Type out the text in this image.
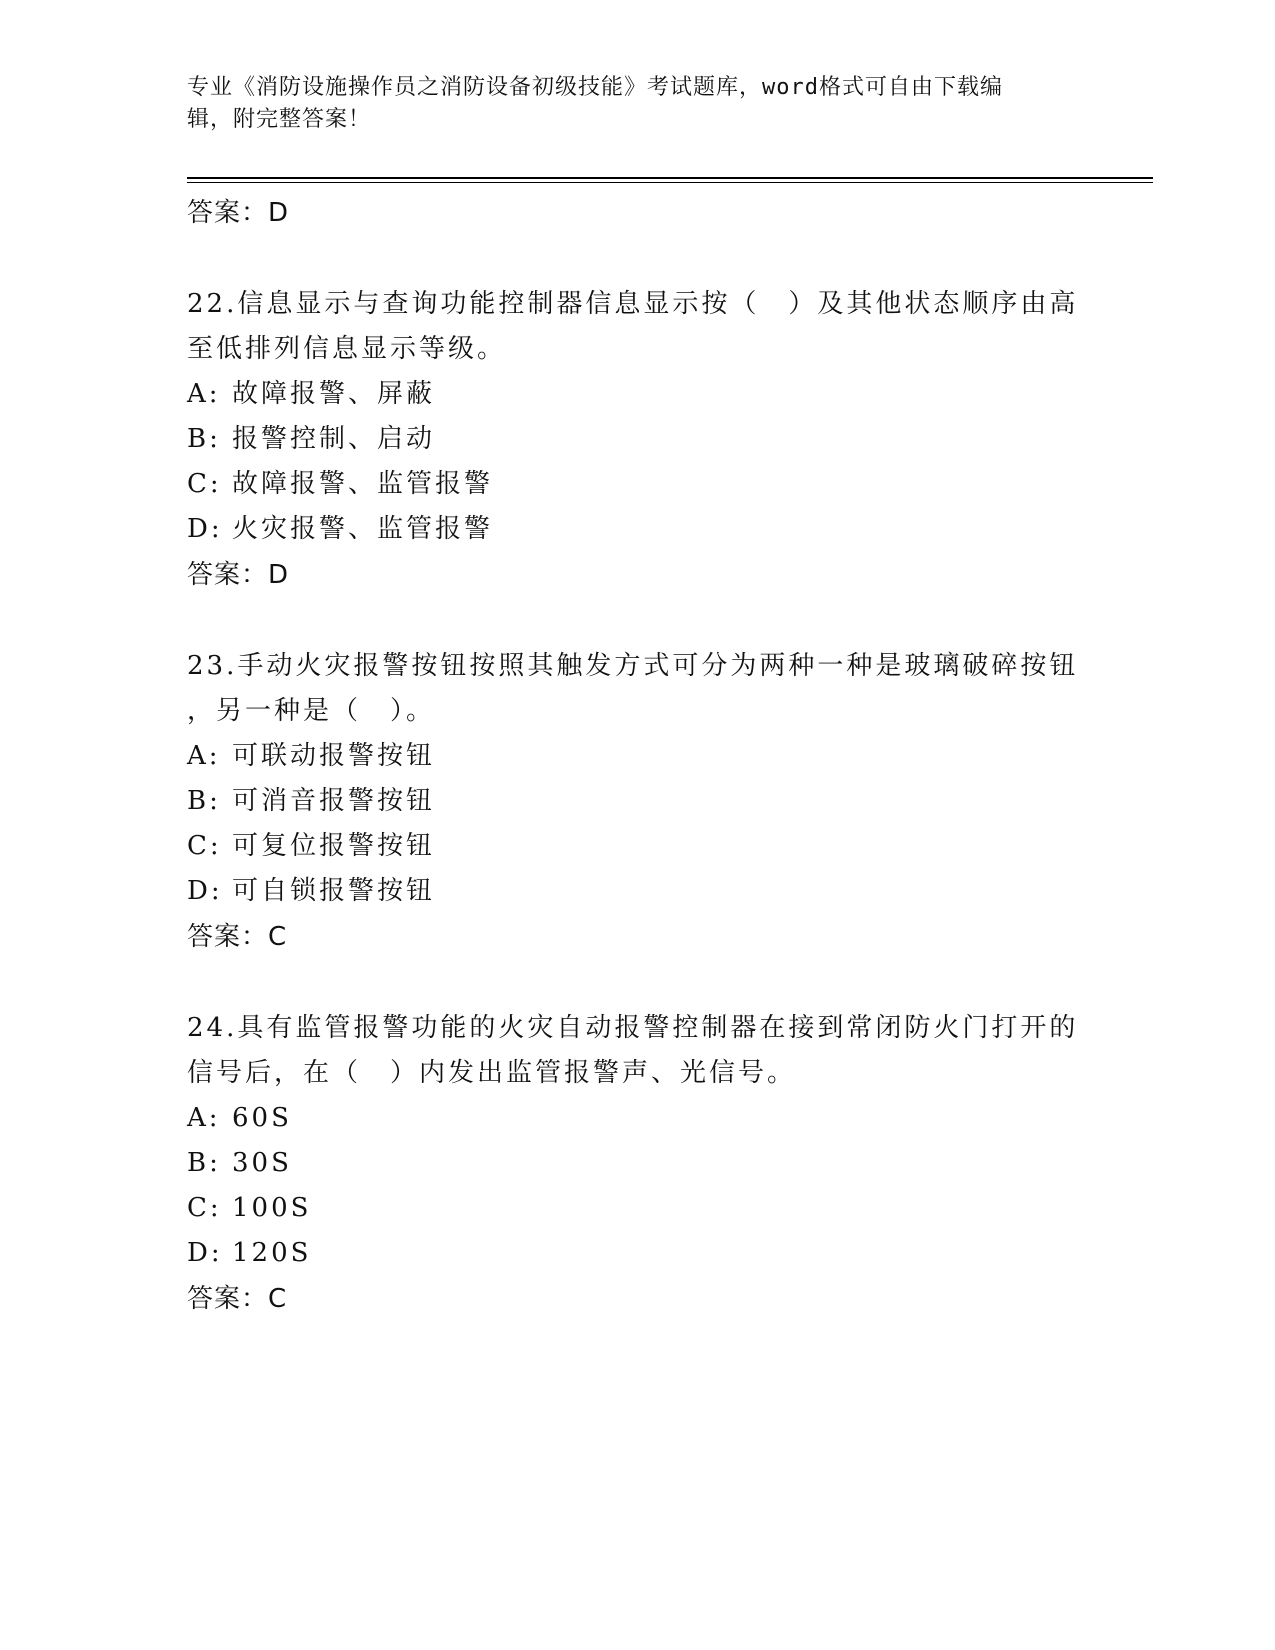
专业《消防设施操作员之消防设备初级技能》考试题库，word格式可自由下载编
辑，附完整答案！
答案：D
22.信息显示与查询功能控制器信息显示按（　）及其他状态顺序由高
至低排列信息显示等级。
A: 故障报警、屏蔽
B: 报警控制、启动
C: 故障报警、监管报警
D: 火灾报警、监管报警
答案：D
23.手动火灾报警按钮按照其触发方式可分为两种一种是玻璃破碎按钮
，另一种是（　）。
A: 可联动报警按钮
B: 可消音报警按钮
C: 可复位报警按钮
D: 可自锁报警按钮
答案：C
24.具有监管报警功能的火灾自动报警控制器在接到常闭防火门打开的
信号后，在（　）内发出监管报警声、光信号。
A: 60S
B: 30S
C: 100S
D: 120S
答案：C
